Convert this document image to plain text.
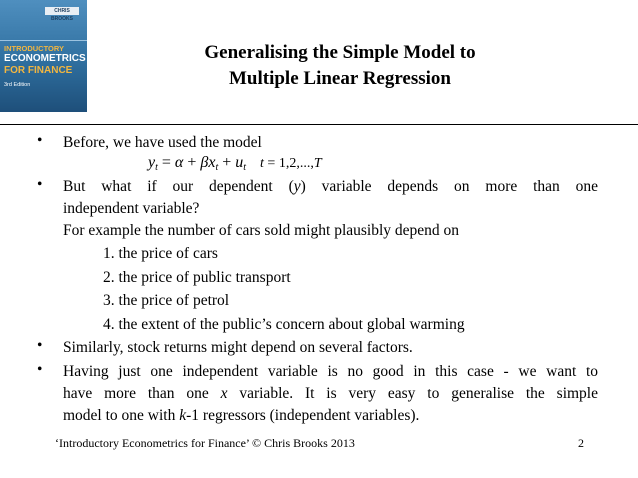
CHRIS BROOKS
INTRODUCTORY
ECONOMETRICS
FOR FINANCE
3rd Edition
Generalising the Simple Model to
Multiple Linear Regression
• Before, we have used the model
$y_t = \alpha + \beta x_t + u_t$ t = 1,2,...,T
• But what if our dependent (y) variable depends on more than one
independent variable?
For example the number of cars sold might plausibly depend on
1. the price of cars
2. the price of public transport
3. the price of petrol
4. the extent of the public’s concern about global warming
• Similarly, stock returns might depend on several factors.
• Having just one independent variable is no good in this case - we want to
have more than one x variable. It is very easy to generalise the simple
model to one with k-1 regressors (independent variables).
‘Introductory Econometrics for Finance’ © Chris Brooks 2013	2
